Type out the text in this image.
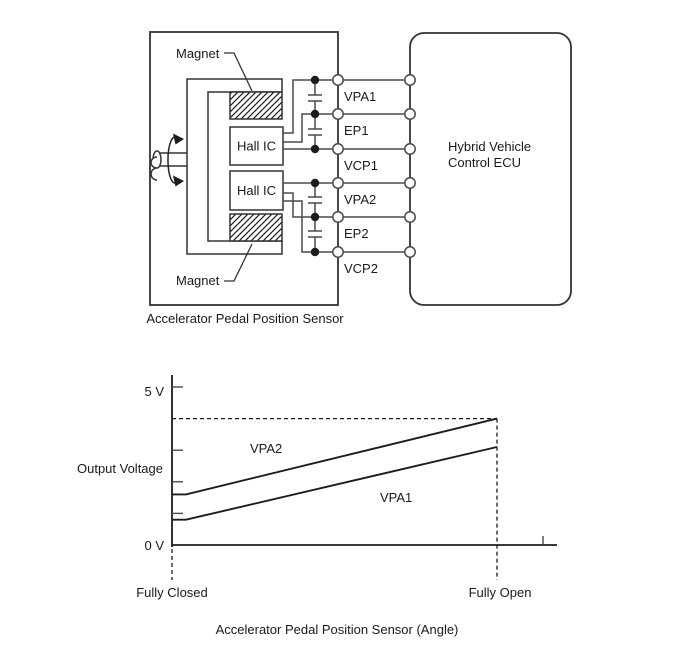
Hall IC
Hall IC
Magnet
Magnet
VPA1
EP1
VCP1
VPA2
EP2
VCP2
Hybrid Vehicle
Control ECU
Accelerator Pedal Position Sensor
5 V
0 V
Output Voltage
VPA2
VPA1
Fully Closed	Fully Open
Accelerator Pedal Position Sensor (Angle)
